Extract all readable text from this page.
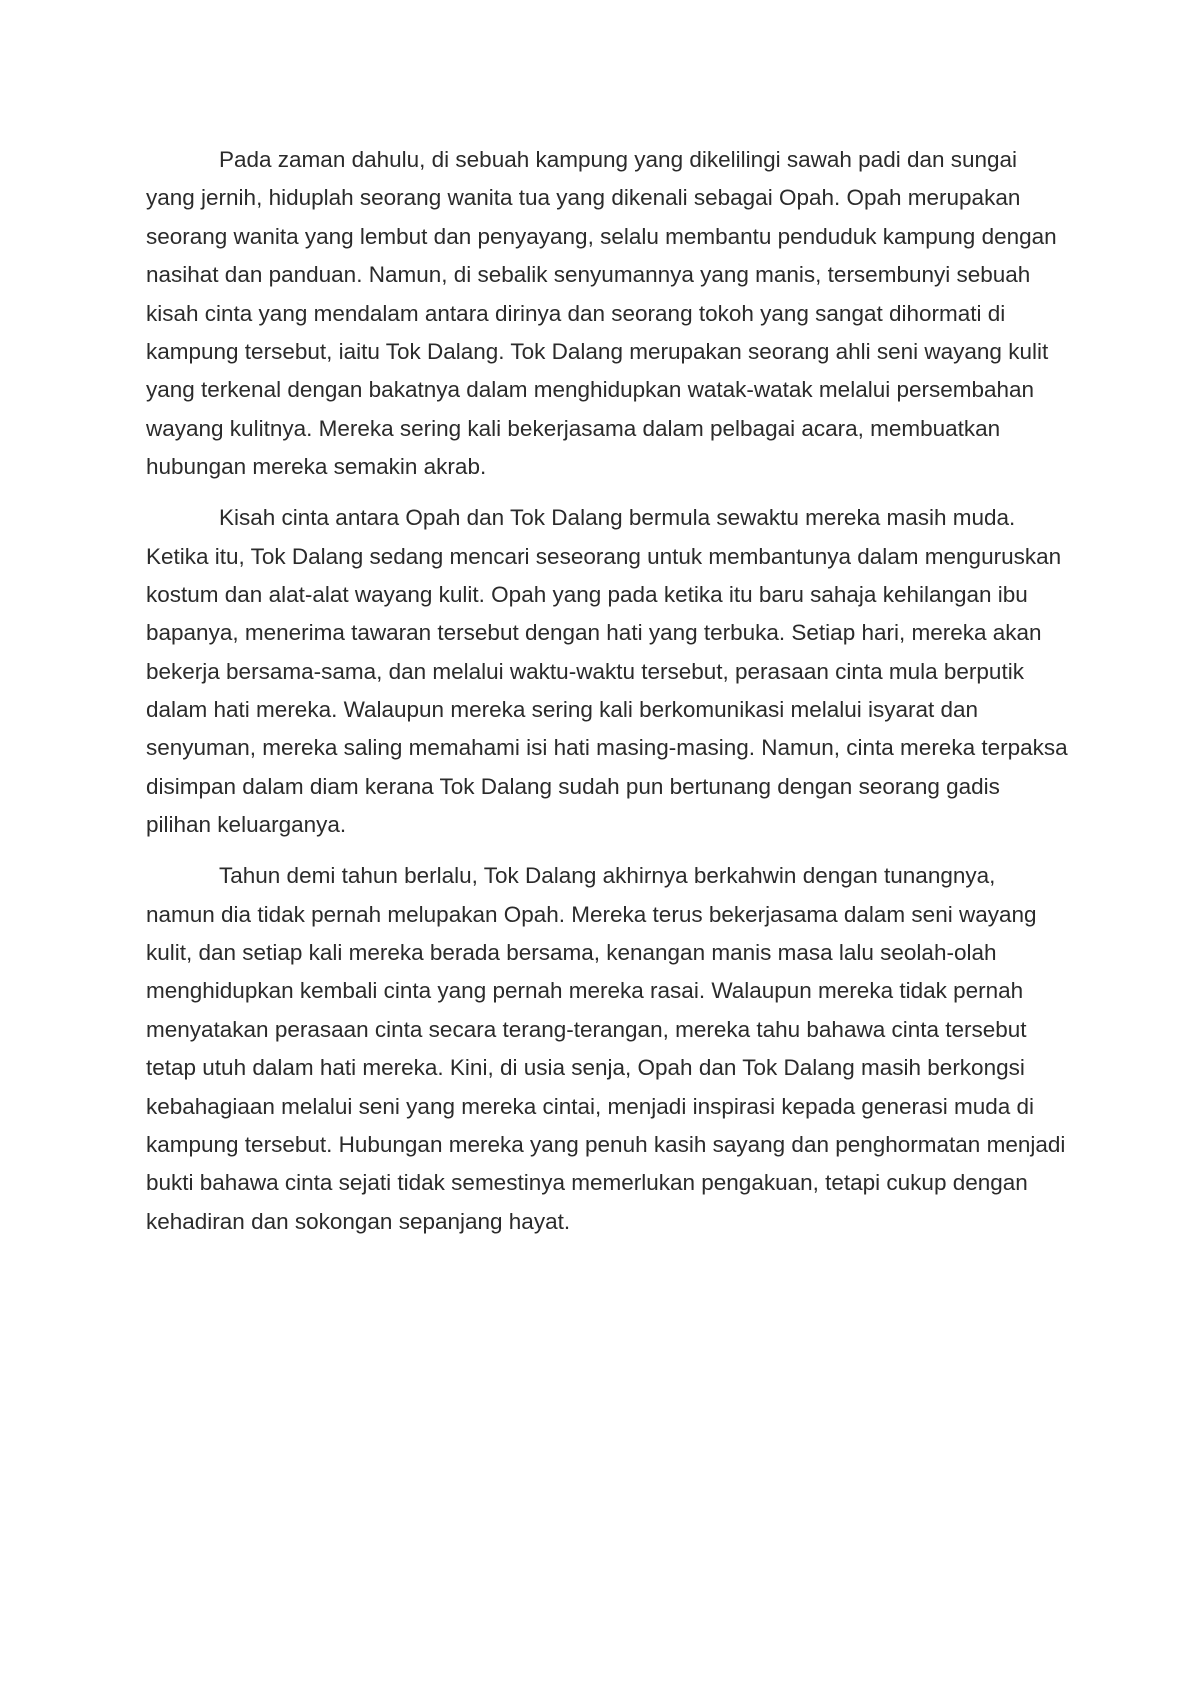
Pada zaman dahulu, di sebuah kampung yang dikelilingi sawah padi dan sungai
yang jernih, hiduplah seorang wanita tua yang dikenali sebagai Opah. Opah merupakan
seorang wanita yang lembut dan penyayang, selalu membantu penduduk kampung dengan
nasihat dan panduan. Namun, di sebalik senyumannya yang manis, tersembunyi sebuah
kisah cinta yang mendalam antara dirinya dan seorang tokoh yang sangat dihormati di
kampung tersebut, iaitu Tok Dalang. Tok Dalang merupakan seorang ahli seni wayang kulit
yang terkenal dengan bakatnya dalam menghidupkan watak-watak melalui persembahan
wayang kulitnya. Mereka sering kali bekerjasama dalam pelbagai acara, membuatkan
hubungan mereka semakin akrab.
Kisah cinta antara Opah dan Tok Dalang bermula sewaktu mereka masih muda.
Ketika itu, Tok Dalang sedang mencari seseorang untuk membantunya dalam menguruskan
kostum dan alat-alat wayang kulit. Opah yang pada ketika itu baru sahaja kehilangan ibu
bapanya, menerima tawaran tersebut dengan hati yang terbuka. Setiap hari, mereka akan
bekerja bersama-sama, dan melalui waktu-waktu tersebut, perasaan cinta mula berputik
dalam hati mereka. Walaupun mereka sering kali berkomunikasi melalui isyarat dan
senyuman, mereka saling memahami isi hati masing-masing. Namun, cinta mereka terpaksa
disimpan dalam diam kerana Tok Dalang sudah pun bertunang dengan seorang gadis
pilihan keluarganya.
Tahun demi tahun berlalu, Tok Dalang akhirnya berkahwin dengan tunangnya,
namun dia tidak pernah melupakan Opah. Mereka terus bekerjasama dalam seni wayang
kulit, dan setiap kali mereka berada bersama, kenangan manis masa lalu seolah-olah
menghidupkan kembali cinta yang pernah mereka rasai. Walaupun mereka tidak pernah
menyatakan perasaan cinta secara terang-terangan, mereka tahu bahawa cinta tersebut
tetap utuh dalam hati mereka. Kini, di usia senja, Opah dan Tok Dalang masih berkongsi
kebahagiaan melalui seni yang mereka cintai, menjadi inspirasi kepada generasi muda di
kampung tersebut. Hubungan mereka yang penuh kasih sayang dan penghormatan menjadi
bukti bahawa cinta sejati tidak semestinya memerlukan pengakuan, tetapi cukup dengan
kehadiran dan sokongan sepanjang hayat.
